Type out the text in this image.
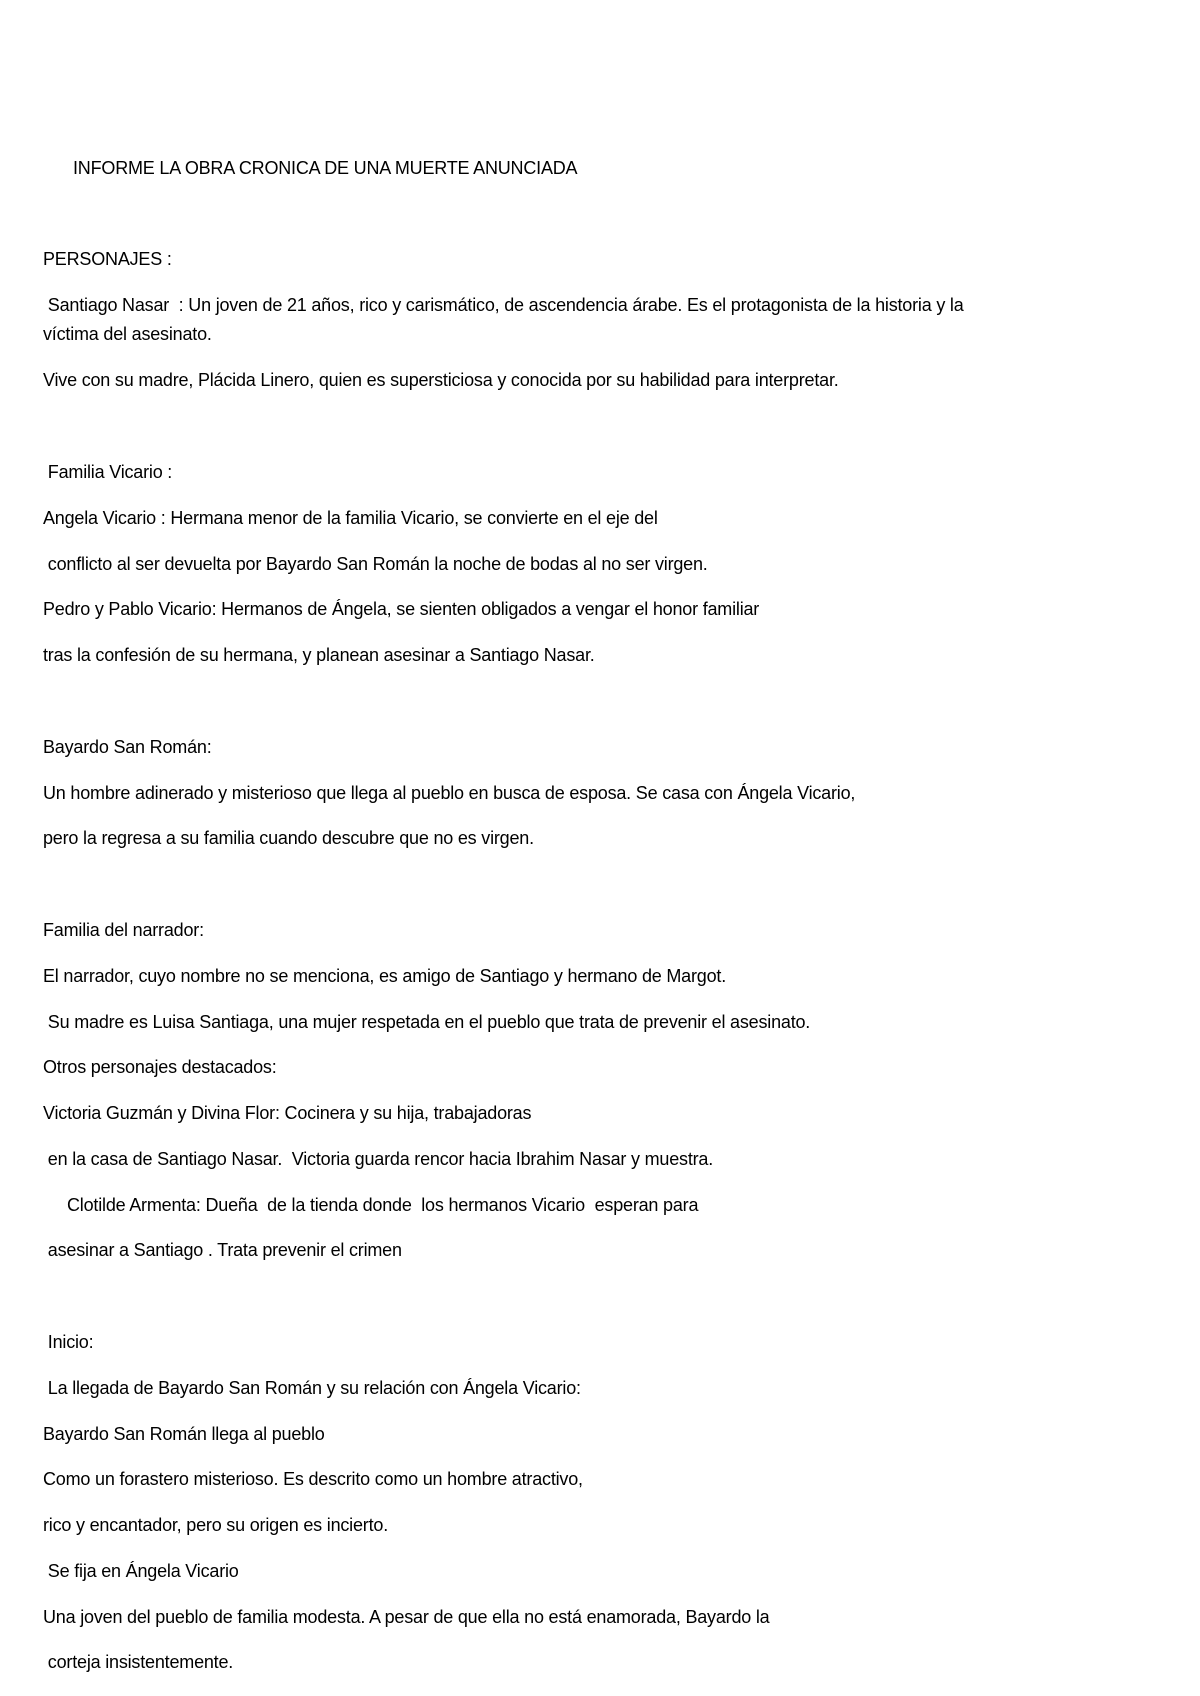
INFORME LA OBRA CRONICA DE UNA MUERTE ANUNCIADA
PERSONAJES :
Santiago Nasar  : Un joven de 21 años, rico y carismático, de ascendencia árabe. Es el protagonista de la historia y la
víctima del asesinato.
Vive con su madre, Plácida Linero, quien es supersticiosa y conocida por su habilidad para interpretar.
Familia Vicario :
Angela Vicario : Hermana menor de la familia Vicario, se convierte en el eje del
conflicto al ser devuelta por Bayardo San Román la noche de bodas al no ser virgen.
Pedro y Pablo Vicario: Hermanos de Ángela, se sienten obligados a vengar el honor familiar
tras la confesión de su hermana, y planean asesinar a Santiago Nasar.
Bayardo San Román:
Un hombre adinerado y misterioso que llega al pueblo en busca de esposa. Se casa con Ángela Vicario,
pero la regresa a su familia cuando descubre que no es virgen.
Familia del narrador:
El narrador, cuyo nombre no se menciona, es amigo de Santiago y hermano de Margot.
Su madre es Luisa Santiaga, una mujer respetada en el pueblo que trata de prevenir el asesinato.
Otros personajes destacados:
Victoria Guzmán y Divina Flor: Cocinera y su hija, trabajadoras
en la casa de Santiago Nasar.  Victoria guarda rencor hacia Ibrahim Nasar y muestra.
Clotilde Armenta: Dueña  de la tienda donde  los hermanos Vicario  esperan para
asesinar a Santiago . Trata prevenir el crimen
Inicio:
La llegada de Bayardo San Román y su relación con Ángela Vicario:
Bayardo San Román llega al pueblo
Como un forastero misterioso. Es descrito como un hombre atractivo,
rico y encantador, pero su origen es incierto.
Se fija en Ángela Vicario
Una joven del pueblo de familia modesta. A pesar de que ella no está enamorada, Bayardo la
corteja insistentemente.
